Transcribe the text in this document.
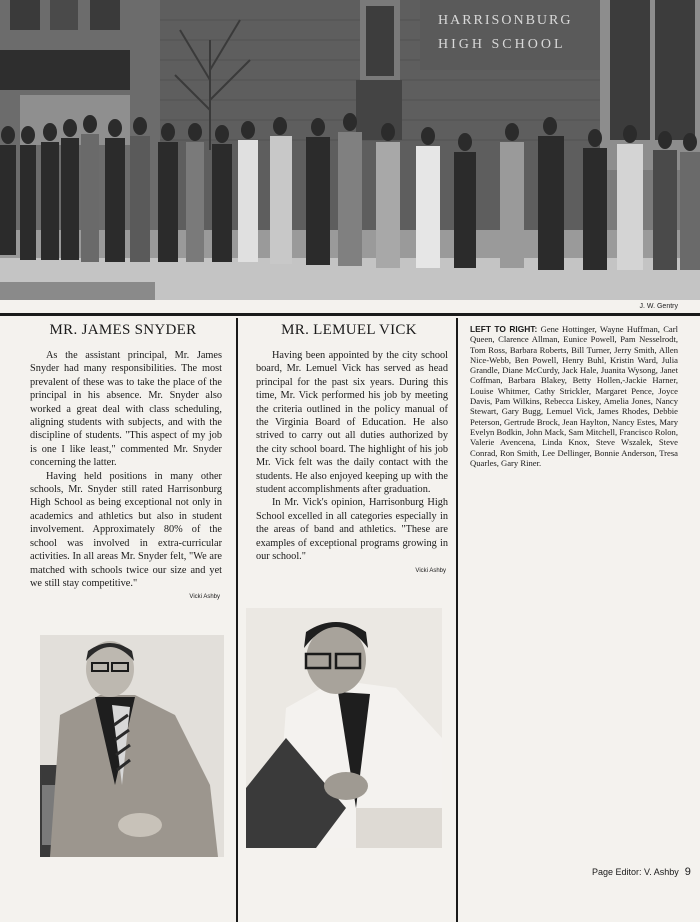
HARRISONBURG
HIGH SCHOOL
J. W. Gentry
MR. JAMES SNYDER

As the assistant principal, Mr. James Snyder had many responsibilities. The most prevalent of these was to take the place of the principal in his absence. Mr. Snyder also worked a great deal with class scheduling, aligning students with subjects, and with the discipline of students. "This aspect of my job is one I like least," commented Mr. Snyder concerning the latter.

Having held positions in many other schools, Mr. Snyder still rated Harrisonburg High School as being exceptional not only in academics and athletics but also in student involvement. Approximately 80% of the school was involved in extra-curricular activities. In all areas Mr. Snyder felt, "We are matched with schools twice our size and yet we still stay competitive."

Vicki Ashby
MR. LEMUEL VICK

Having been appointed by the city school board, Mr. Lemuel Vick has served as head principal for the past six years. During this time, Mr. Vick performed his job by meeting the criteria outlined in the policy manual of the Virginia Board of Education. He also strived to carry out all duties authorized by the city school board. The highlight of his job Mr. Vick felt was the daily contact with the students. He also enjoyed keeping up with the student accomplishments after graduation.

In Mr. Vick's opinion, Harrisonburg High School excelled in all categories especially in the areas of band and athletics. "These are examples of exceptional programs growing in our school."

Vicki Ashby
LEFT TO RIGHT: Gene Hottinger, Wayne Huffman, Carl Queen, Clarence Allman, Eunice Powell, Pam Nesselrodt, Tom Ross, Barbara Roberts, Bill Turner, Jerry Smith, Allen Nice-Webb, Ben Powell, Henry Buhl, Kristin Ward, Julia Grandle, Diane McCurdy, Jack Hale, Juanita Wysong, Janet Coffman, Barbara Blakey, Betty Hollen,-Jackie Harner, Louise Whitmer, Cathy Strickler, Margaret Pence, Joyce Davis, Pam Wilkins, Rebecca Liskey, Amelia Jones, Nancy Stewart, Gary Bugg, Lemuel Vick, James Rhodes, Debbie Peterson, Gertrude Brock, Jean Haylton, Nancy Estes, Mary Evelyn Bodkin, John Mack, Sam Mitchell, Francisco Rolon, Valerie Avencena, Linda Knox, Steve Wszalek, Steve Conrad, Ron Smith, Lee Dellinger, Bonnie Anderson, Tresa Quarles, Gary Riner.
Page Editor: V. Ashby 9
